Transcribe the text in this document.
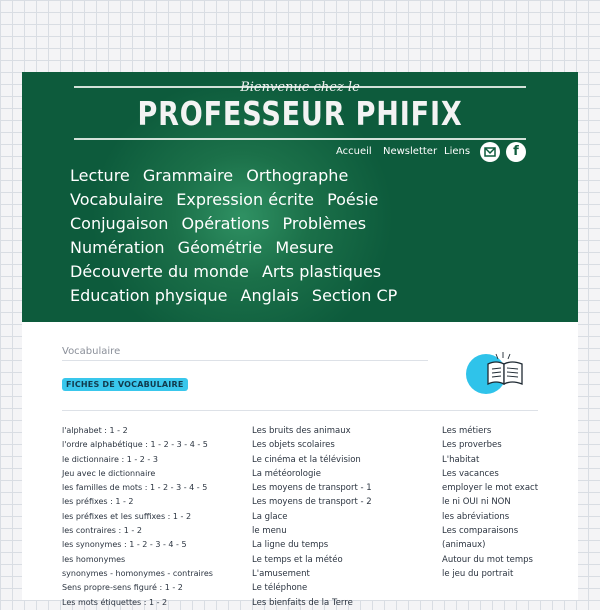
Bienvenue chez le
PROFESSEUR PHIFIX
Accueil Newsletter Liens	f
Lecture Grammaire Orthographe
Vocabulaire Expression écrite Poésie
Conjugaison Opérations Problèmes
Numération Géométrie Mesure
Découverte du monde Arts plastiques
Education physique Anglais Section CP
Vocabulaire
FICHES DE VOCABULAIRE
l'alphabet : 1 - 2
l'ordre alphabétique : 1 - 2 - 3 - 4 - 5
le dictionnaire : 1 - 2 - 3
Jeu avec le dictionnaire
les familles de mots : 1 - 2 - 3 - 4 - 5
les préfixes : 1 - 2
les préfixes et les suffixes : 1 - 2
les contraires : 1 - 2
les synonymes : 1 - 2 - 3 - 4 - 5
les homonymes
synonymes - homonymes - contraires
Sens propre-sens figuré : 1 - 2
Les mots étiquettes : 1 - 2
Les bruits des animaux
Les objets scolaires
Le cinéma et la télévision
La météorologie
Les moyens de transport - 1
Les moyens de transport - 2
La glace
le menu
La ligne du temps
Le temps et la météo
L'amusement
Le téléphone
Les bienfaits de la Terre
Les métiers
Les proverbes
L'habitat
Les vacances
employer le mot exact
le ni OUI ni NON
les abréviations
Les comparaisons
(animaux)
Autour du mot temps
le jeu du portrait
